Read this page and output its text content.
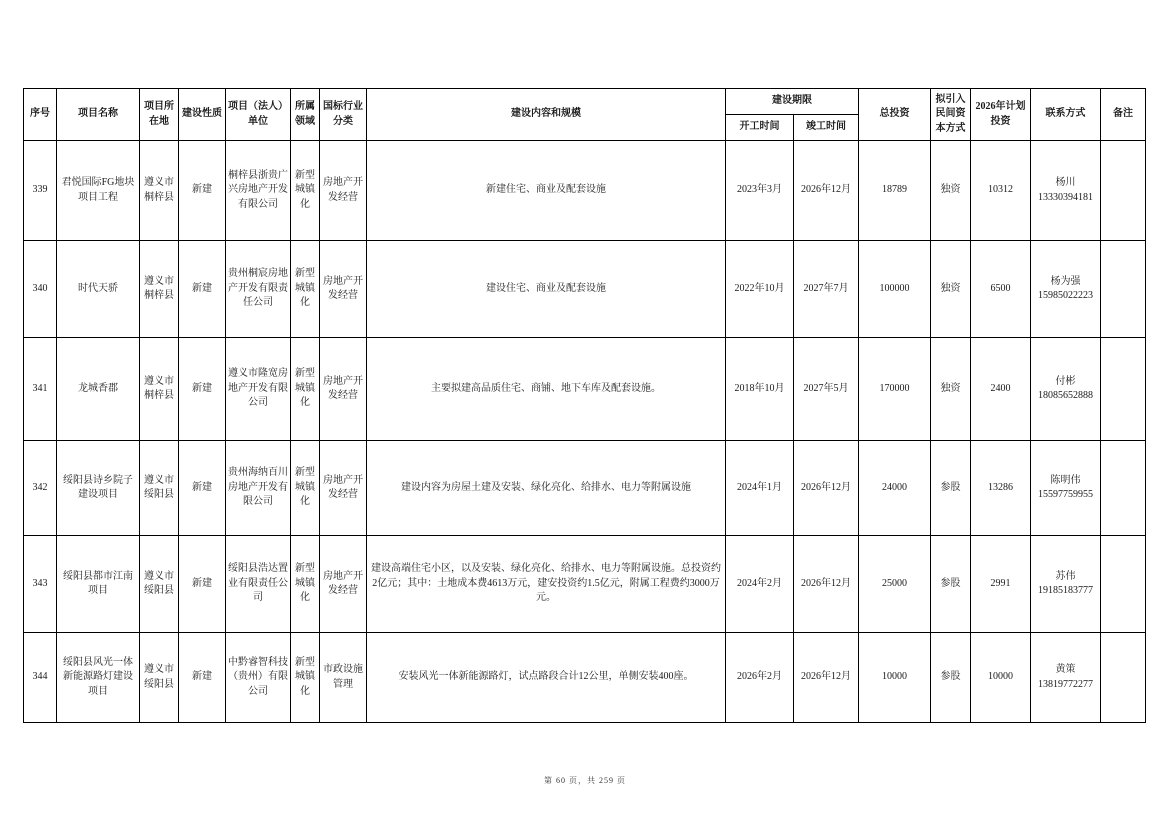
序号	项目名称	项目所在地	建设性质	项目（法人）单位	所属领域	国标行业分类	建设内容和规模	建设期限		总投资	拟引入民间资本方式	2026年计划投资	联系方式	备注
								开工时间	竣工时间					
339	君悦国际FG地块项目工程	遵义市桐梓县	新建	桐梓县浙贵广兴房地产开发有限公司	新型城镇化	房地产开发经营	新建住宅、商业及配套设施	2023年3月	2026年12月	18789	独资	10312	杨川
13330394181	

340	时代天骄	遵义市桐梓县	新建	贵州桐宸房地产开发有限责任公司	新型城镇化	房地产开发经营	建设住宅、商业及配套设施	2022年10月	2027年7月	100000	独资	6500	杨为强
15985022223	

341	龙城香郡	遵义市桐梓县	新建	遵义市隆宽房地产开发有限公司	新型城镇化	房地产开发经营	主要拟建高品质住宅、商铺、地下车库及配套设施。	2018年10月	2027年5月	170000	独资	2400	付彬
18085652888	

342	绥阳县诗乡院子建设项目	遵义市绥阳县	新建	贵州海纳百川房地产开发有限公司	新型城镇化	房地产开发经营	建设内容为房屋土建及安装、绿化亮化、给排水、电力等附属设施	2024年1月	2026年12月	24000	参股	13286	陈明伟
15597759955	

343	绥阳县都市江南项目	遵义市绥阳县	新建	绥阳县浩达置业有限责任公司	新型城镇化	房地产开发经营	建设高端住宅小区，以及安装、绿化亮化、给排水、电力等附属设施。总投资约2亿元；其中：土地成本费4613万元，建安投资约1.5亿元，附属工程费约3000万元。	2024年2月	2026年12月	25000	参股	2991	苏伟
19185183777	

344	绥阳县风光一体新能源路灯建设项目	遵义市绥阳县	新建	中黔睿智科技（贵州）有限公司	新型城镇化	市政设施管理	安装风光一体新能源路灯，试点路段合计12公里，单侧安装400座。	2026年2月	2026年12月	10000	参股	10000	黄策
13819772277	

第 60 页，共 259 页
